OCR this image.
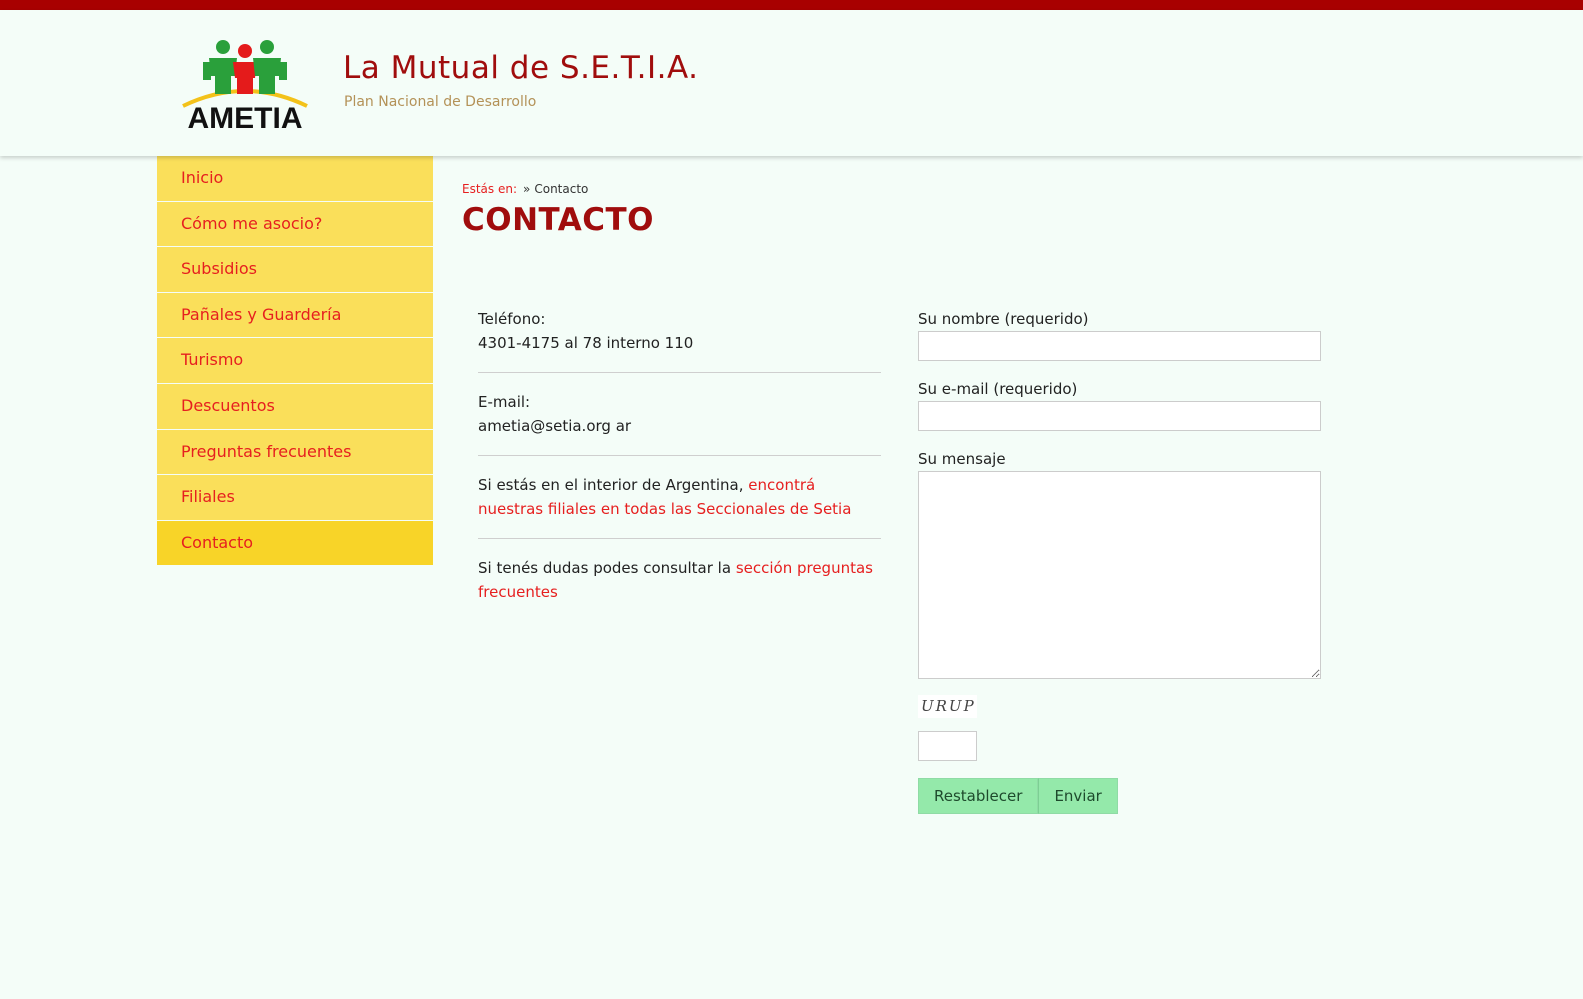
AMETIA
La Mutual de S.E.T.I.A.
Plan Nacional de Desarrollo
Inicio
Cómo me asocio?
Subsidios
Pañales y Guardería
Turismo
Descuentos
Preguntas frecuentes
Filiales
Contacto
Estás en: » Contacto
CONTACTO
Teléfono:
4301-4175 al 78 interno 110
E-mail:
ametia@setia.org ar
Si estás en el interior de Argentina, encontrá nuestras filiales en todas las Seccionales de Setia
Si tenés dudas podes consultar la sección preguntas frecuentes
Su nombre (requerido)
Su e-mail (requerido)
Su mensaje
URUP
Restablecer	Enviar
